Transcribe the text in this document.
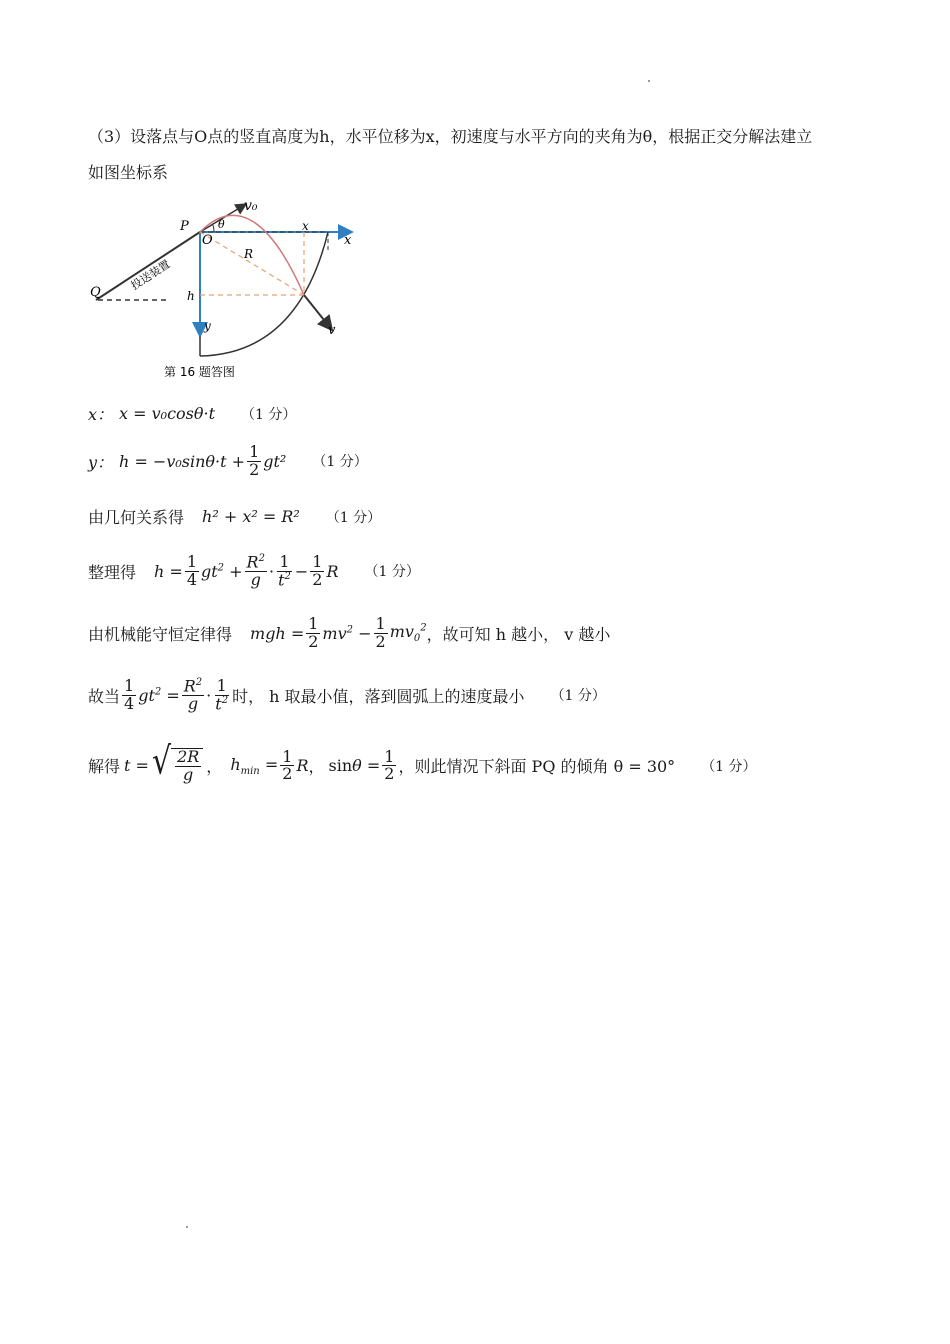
（3）设落点与O点的竖直高度为h，水平位移为x，初速度与水平方向的夹角为θ，根据正交分解法建立
如图坐标系
v₀
P
O
θ	x
x
R
h
y
Q
v
投送装置
第 16 题答图
x： x = v₀cosθ·t （1 分）
y： $h = -v_0\sin\theta\cdot t + \frac{1}{2} gt^2$ （1 分）
由几何关系得 h² + x² = R² （1 分）
整理得 $h = \frac{1}{4} gt^2 + \frac{R^2}{g} \cdot \frac{1}{t^2} - \frac{1}{2}$ R （1 分）
由机械能守恒定律得 mgh = $\frac{1}{2} mv^2 - \frac{1}{2} mv_0^2$ ，故可知 h 越小， v 越小
故当 $\frac{1}{4} gt^2 = \frac{R^2}{g} \cdot \frac{1}{t^2}$ 时， h 取最小值，落到圆弧上的速度最小 （1 分）
解得 t = √ $\frac{2R}{g}$ ， $h_{min} = \frac{1}{2}$ R ， $\sin\theta = \frac{1}{2}$ ，则此情况下斜面 PQ 的倾角 θ = 30° （1 分）
